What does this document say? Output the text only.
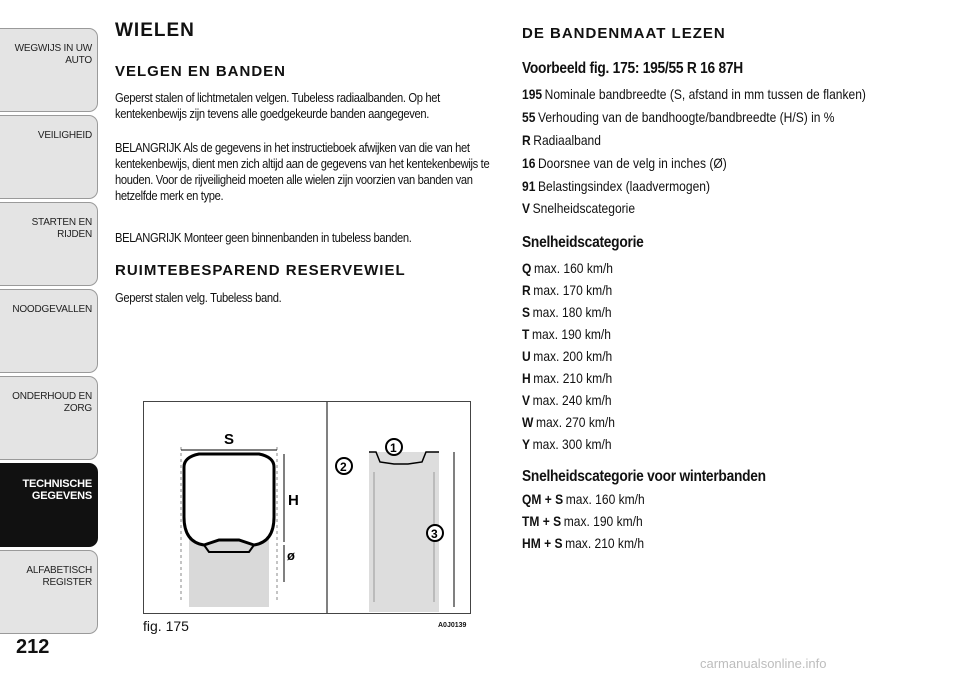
WEGWIJS IN UW AUTO
VEILIGHEID
STARTEN EN RIJDEN
NOODGEVALLEN
ONDERHOUD EN ZORG
TECHNISCHE GEGEVENS
ALFABETISCH REGISTER
212
WIELEN
VELGEN EN BANDEN
Geperst stalen of lichtmetalen velgen. Tubeless radiaalbanden. Op het kentekenbewijs zijn tevens alle goedgekeurde banden aangegeven.
BELANGRIJK Als de gegevens in het instructieboek afwijken van die van het kentekenbewijs, dient men zich altijd aan de gegevens van het kentekenbewijs te houden. Voor de rijveiligheid moeten alle wielen zijn voorzien van banden van hetzelfde merk en type.
BELANGRIJK Monteer geen binnenbanden in tubeless banden.
RUIMTEBESPAREND RESERVEWIEL
Geperst stalen velg. Tubeless band.
S
H
ø
1
2
3
fig. 175	A0J0139
DE BANDENMAAT LEZEN
Voorbeeld fig. 175: 195/55 R 16 87H
195 Nominale bandbreedte (S, afstand in mm tussen de flanken)
55 Verhouding van de bandhoogte/bandbreedte (H/S) in %
R Radiaalband
16 Doorsnee van de velg in inches (Ø)
91 Belastingsindex (laadvermogen)
V Snelheidscategorie
Snelheidscategorie
Q max. 160 km/h
R max. 170 km/h
S max. 180 km/h
T max. 190 km/h
U max. 200 km/h
H max. 210 km/h
V max. 240 km/h
W max. 270 km/h
Y max. 300 km/h
Snelheidscategorie voor winterbanden
QM + S max. 160 km/h
TM + S max. 190 km/h
HM + S max. 210 km/h
carmanualsonline.info
